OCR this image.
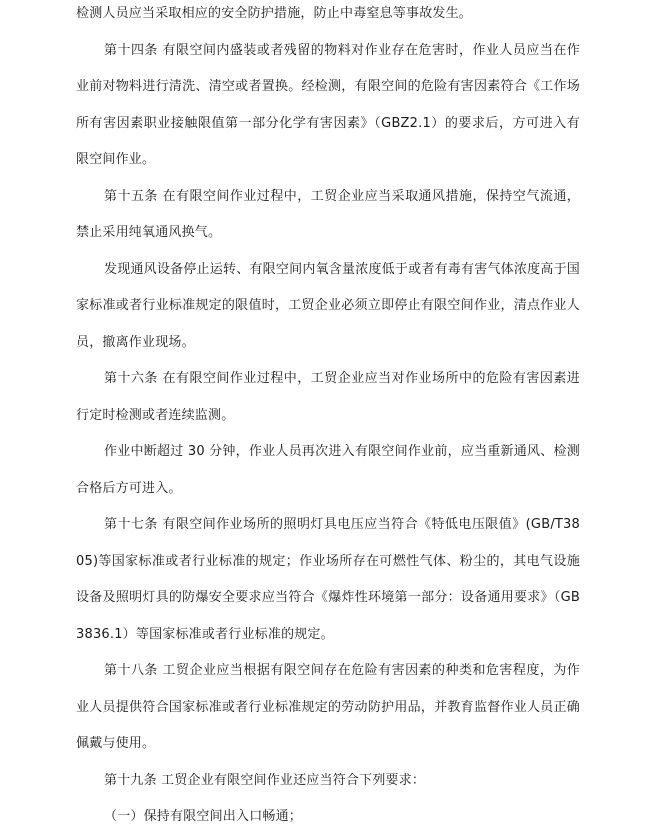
检测人员应当采取相应的安全防护措施，防止中毒窒息等事故发生。

第十四条 有限空间内盛装或者残留的物料对作业存在危害时，作业人员应当在作业前对物料进行清洗、清空或者置换。经检测，有限空间的危险有害因素符合《工作场所有害因素职业接触限值第一部分化学有害因素》（GBZ2.1）的要求后，方可进入有限空间作业。

第十五条 在有限空间作业过程中，工贸企业应当采取通风措施，保持空气流通，禁止采用纯氧通风换气。

发现通风设备停止运转、有限空间内氧含量浓度低于或者有毒有害气体浓度高于国家标准或者行业标准规定的限值时，工贸企业必须立即停止有限空间作业，清点作业人员，撤离作业现场。

第十六条 在有限空间作业过程中，工贸企业应当对作业场所中的危险有害因素进行定时检测或者连续监测。

作业中断超过 30 分钟，作业人员再次进入有限空间作业前，应当重新通风、检测合格后方可进入。

第十七条 有限空间作业场所的照明灯具电压应当符合《特低电压限值》(GB/T3805)等国家标准或者行业标准的规定；作业场所存在可燃性气体、粉尘的，其电气设施设备及照明灯具的防爆安全要求应当符合《爆炸性环境第一部分：设备通用要求》（GB3836.1）等国家标准或者行业标准的规定。

第十八条 工贸企业应当根据有限空间存在危险有害因素的种类和危害程度，为作业人员提供符合国家标准或者行业标准规定的劳动防护用品，并教育监督作业人员正确佩戴与使用。

第十九条 工贸企业有限空间作业还应当符合下列要求：

（一）保持有限空间出入口畅通；
